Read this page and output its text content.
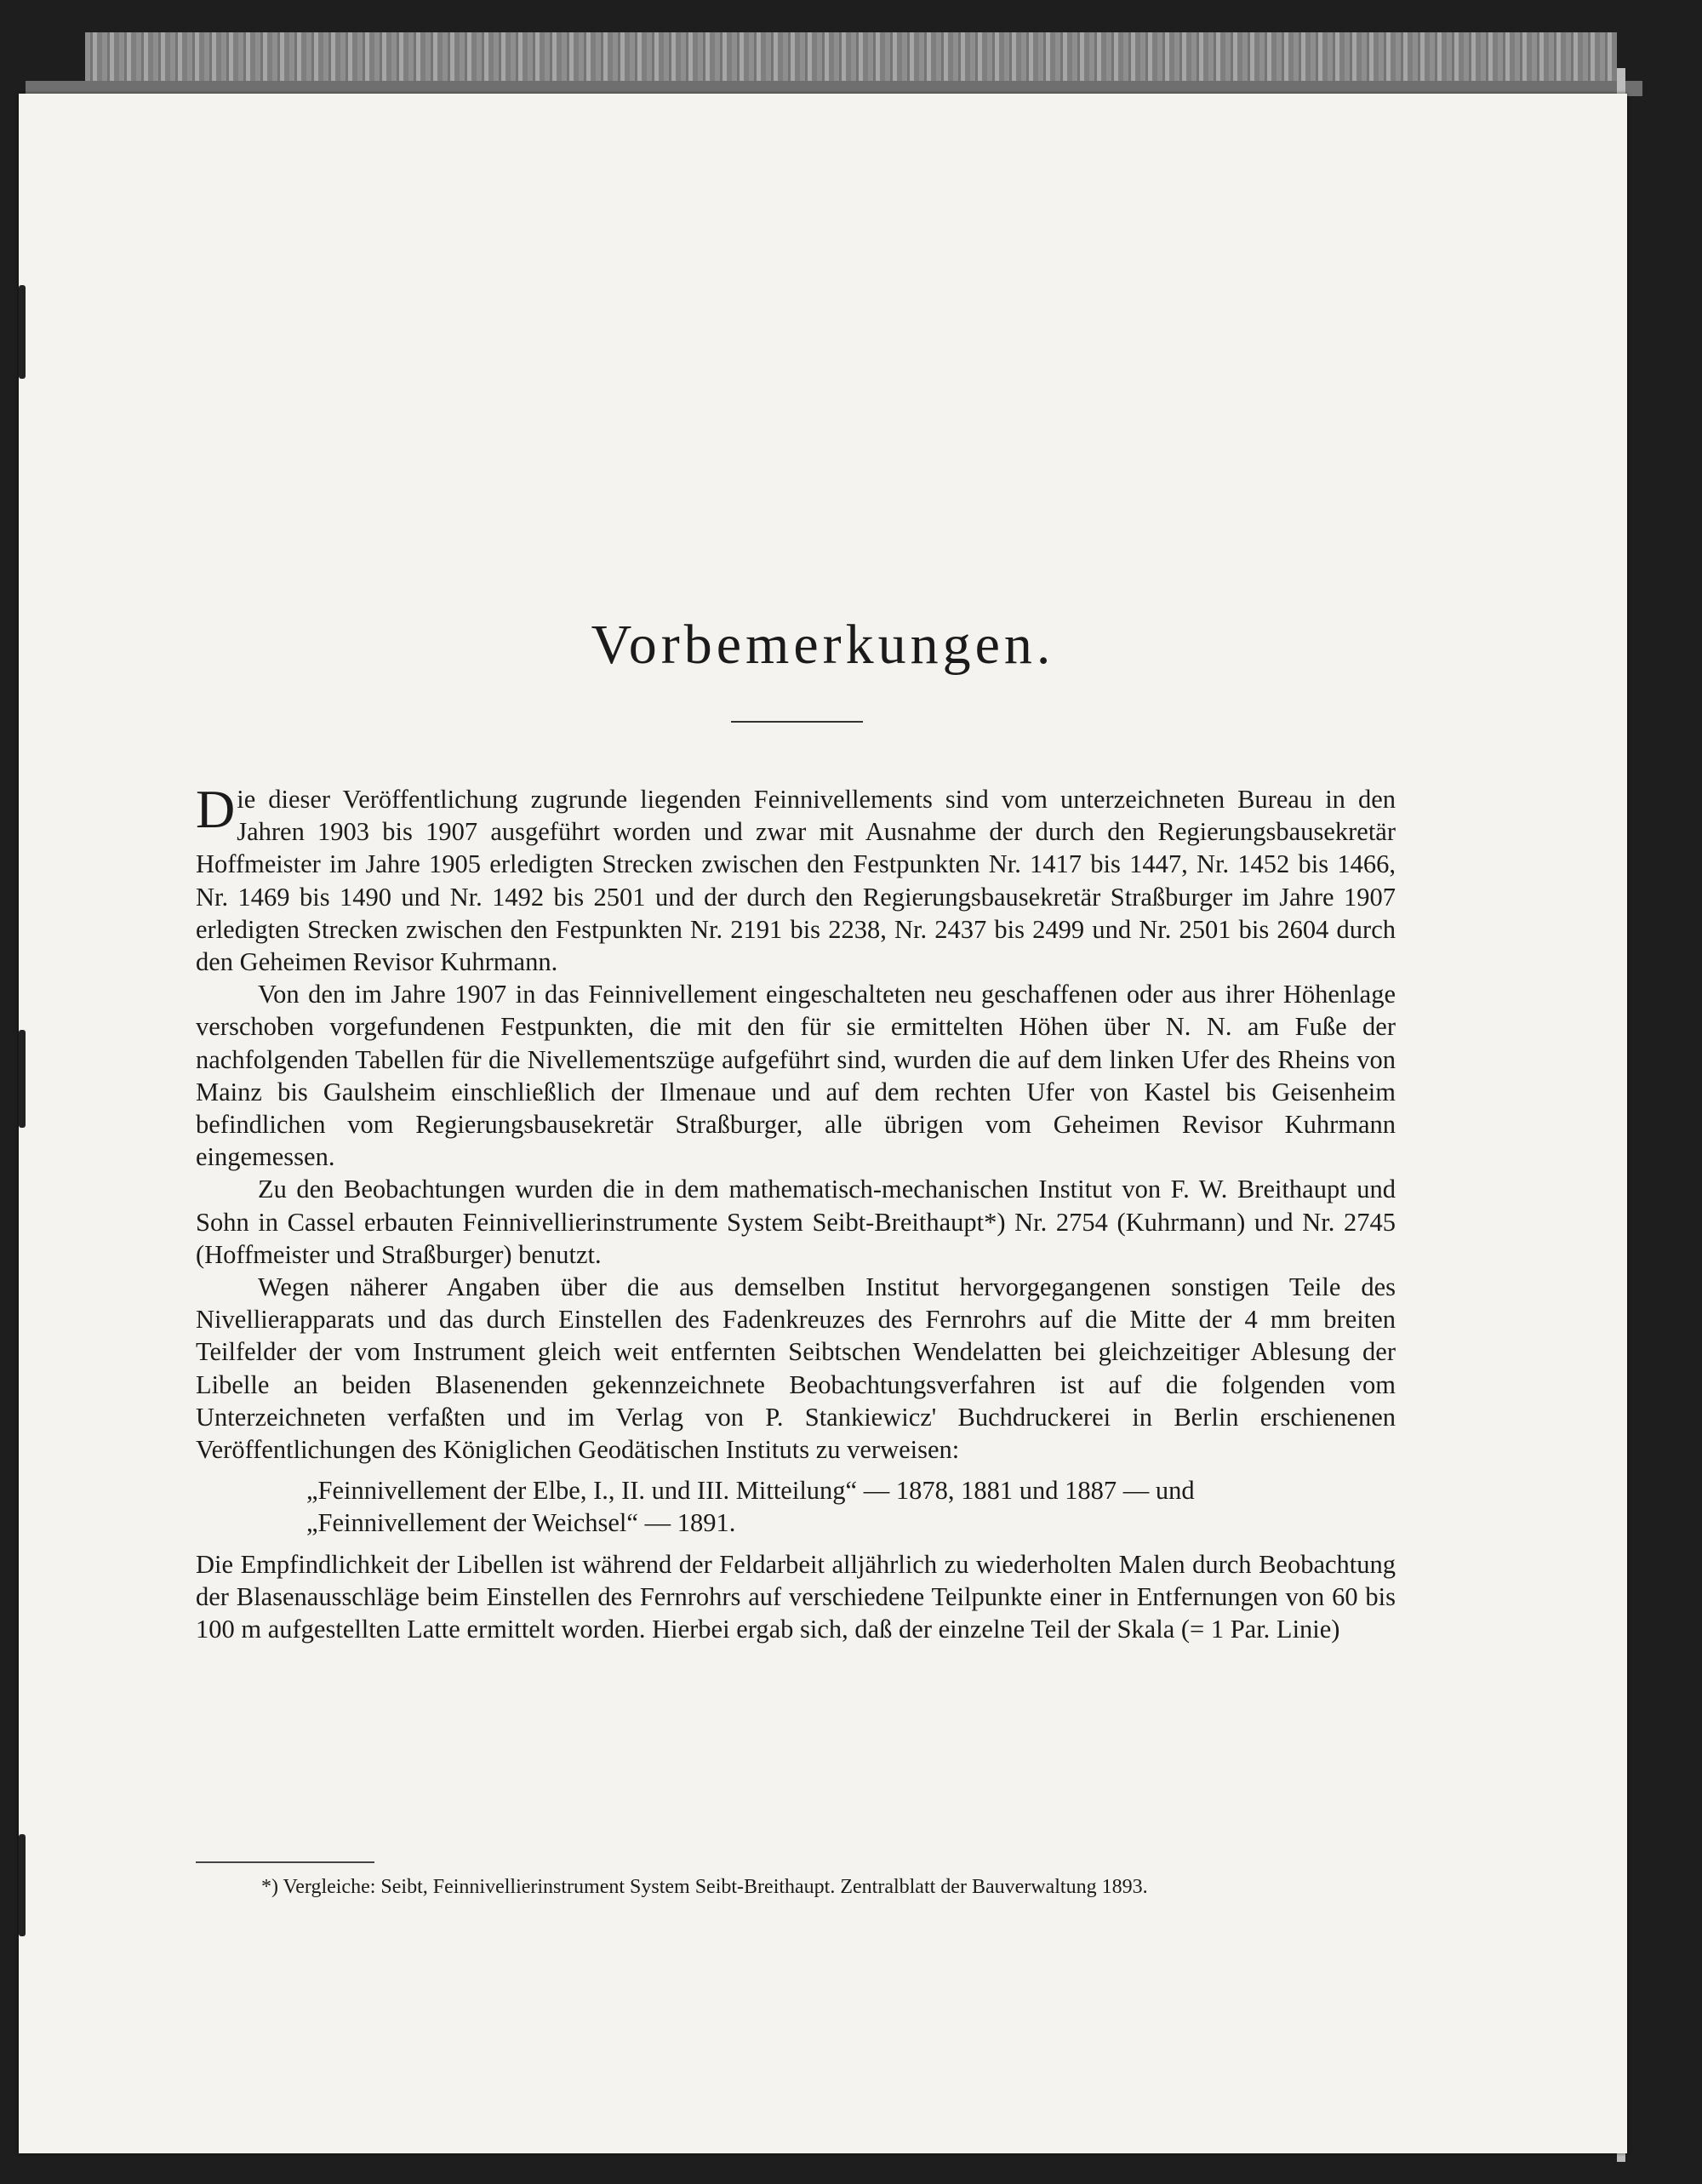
Vorbemerkungen.

Die dieser Veröffentlichung zugrunde liegenden Feinnivellements sind vom unterzeichneten Bureau in den Jahren 1903 bis 1907 ausgeführt worden und zwar mit Ausnahme der durch den Regierungsbausekretär Hoffmeister im Jahre 1905 erledigten Strecken zwischen den Festpunkten Nr. 1417 bis 1447, Nr. 1452 bis 1466, Nr. 1469 bis 1490 und Nr. 1492 bis 2501 und der durch den Regierungsbausekretär Straßburger im Jahre 1907 erledigten Strecken zwischen den Festpunkten Nr. 2191 bis 2238, Nr. 2437 bis 2499 und Nr. 2501 bis 2604 durch den Geheimen Revisor Kuhrmann.

Von den im Jahre 1907 in das Feinnivellement eingeschalteten neu geschaffenen oder aus ihrer Höhenlage verschoben vorgefundenen Festpunkten, die mit den für sie ermittelten Höhen über N. N. am Fuße der nachfolgenden Tabellen für die Nivellementszüge aufgeführt sind, wurden die auf dem linken Ufer des Rheins von Mainz bis Gaulsheim einschließlich der Ilmenaue und auf dem rechten Ufer von Kastel bis Geisenheim befindlichen vom Regierungsbausekretär Straßburger, alle übrigen vom Geheimen Revisor Kuhrmann eingemessen.

Zu den Beobachtungen wurden die in dem mathematisch-mechanischen Institut von F. W. Breithaupt und Sohn in Cassel erbauten Feinnivellierinstrumente System Seibt-Breithaupt*) Nr. 2754 (Kuhrmann) und Nr. 2745 (Hoffmeister und Straßburger) benutzt.

Wegen näherer Angaben über die aus demselben Institut hervorgegangenen sonstigen Teile des Nivellierapparats und das durch Einstellen des Fadenkreuzes des Fernrohrs auf die Mitte der 4 mm breiten Teilfelder der vom Instrument gleich weit entfernten Seibtschen Wendelatten bei gleichzeitiger Ablesung der Libelle an beiden Blasenenden gekennzeichnete Beobachtungsverfahren ist auf die folgenden vom Unterzeichneten verfaßten und im Verlag von P. Stankiewicz' Buchdruckerei in Berlin erschienenen Veröffentlichungen des Königlichen Geodätischen Instituts zu verweisen:

„Feinnivellement der Elbe, I., II. und III. Mitteilung“ — 1878, 1881 und 1887 — und
„Feinnivellement der Weichsel“ — 1891.

Die Empfindlichkeit der Libellen ist während der Feldarbeit alljährlich zu wiederholten Malen durch Beobachtung der Blasenausschläge beim Einstellen des Fernrohrs auf verschiedene Teilpunkte einer in Entfernungen von 60 bis 100 m aufgestellten Latte ermittelt worden. Hierbei ergab sich, daß der einzelne Teil der Skala (= 1 Par. Linie)

*) Vergleiche: Seibt, Feinnivellierinstrument System Seibt-Breithaupt. Zentralblatt der Bauverwaltung 1893.
